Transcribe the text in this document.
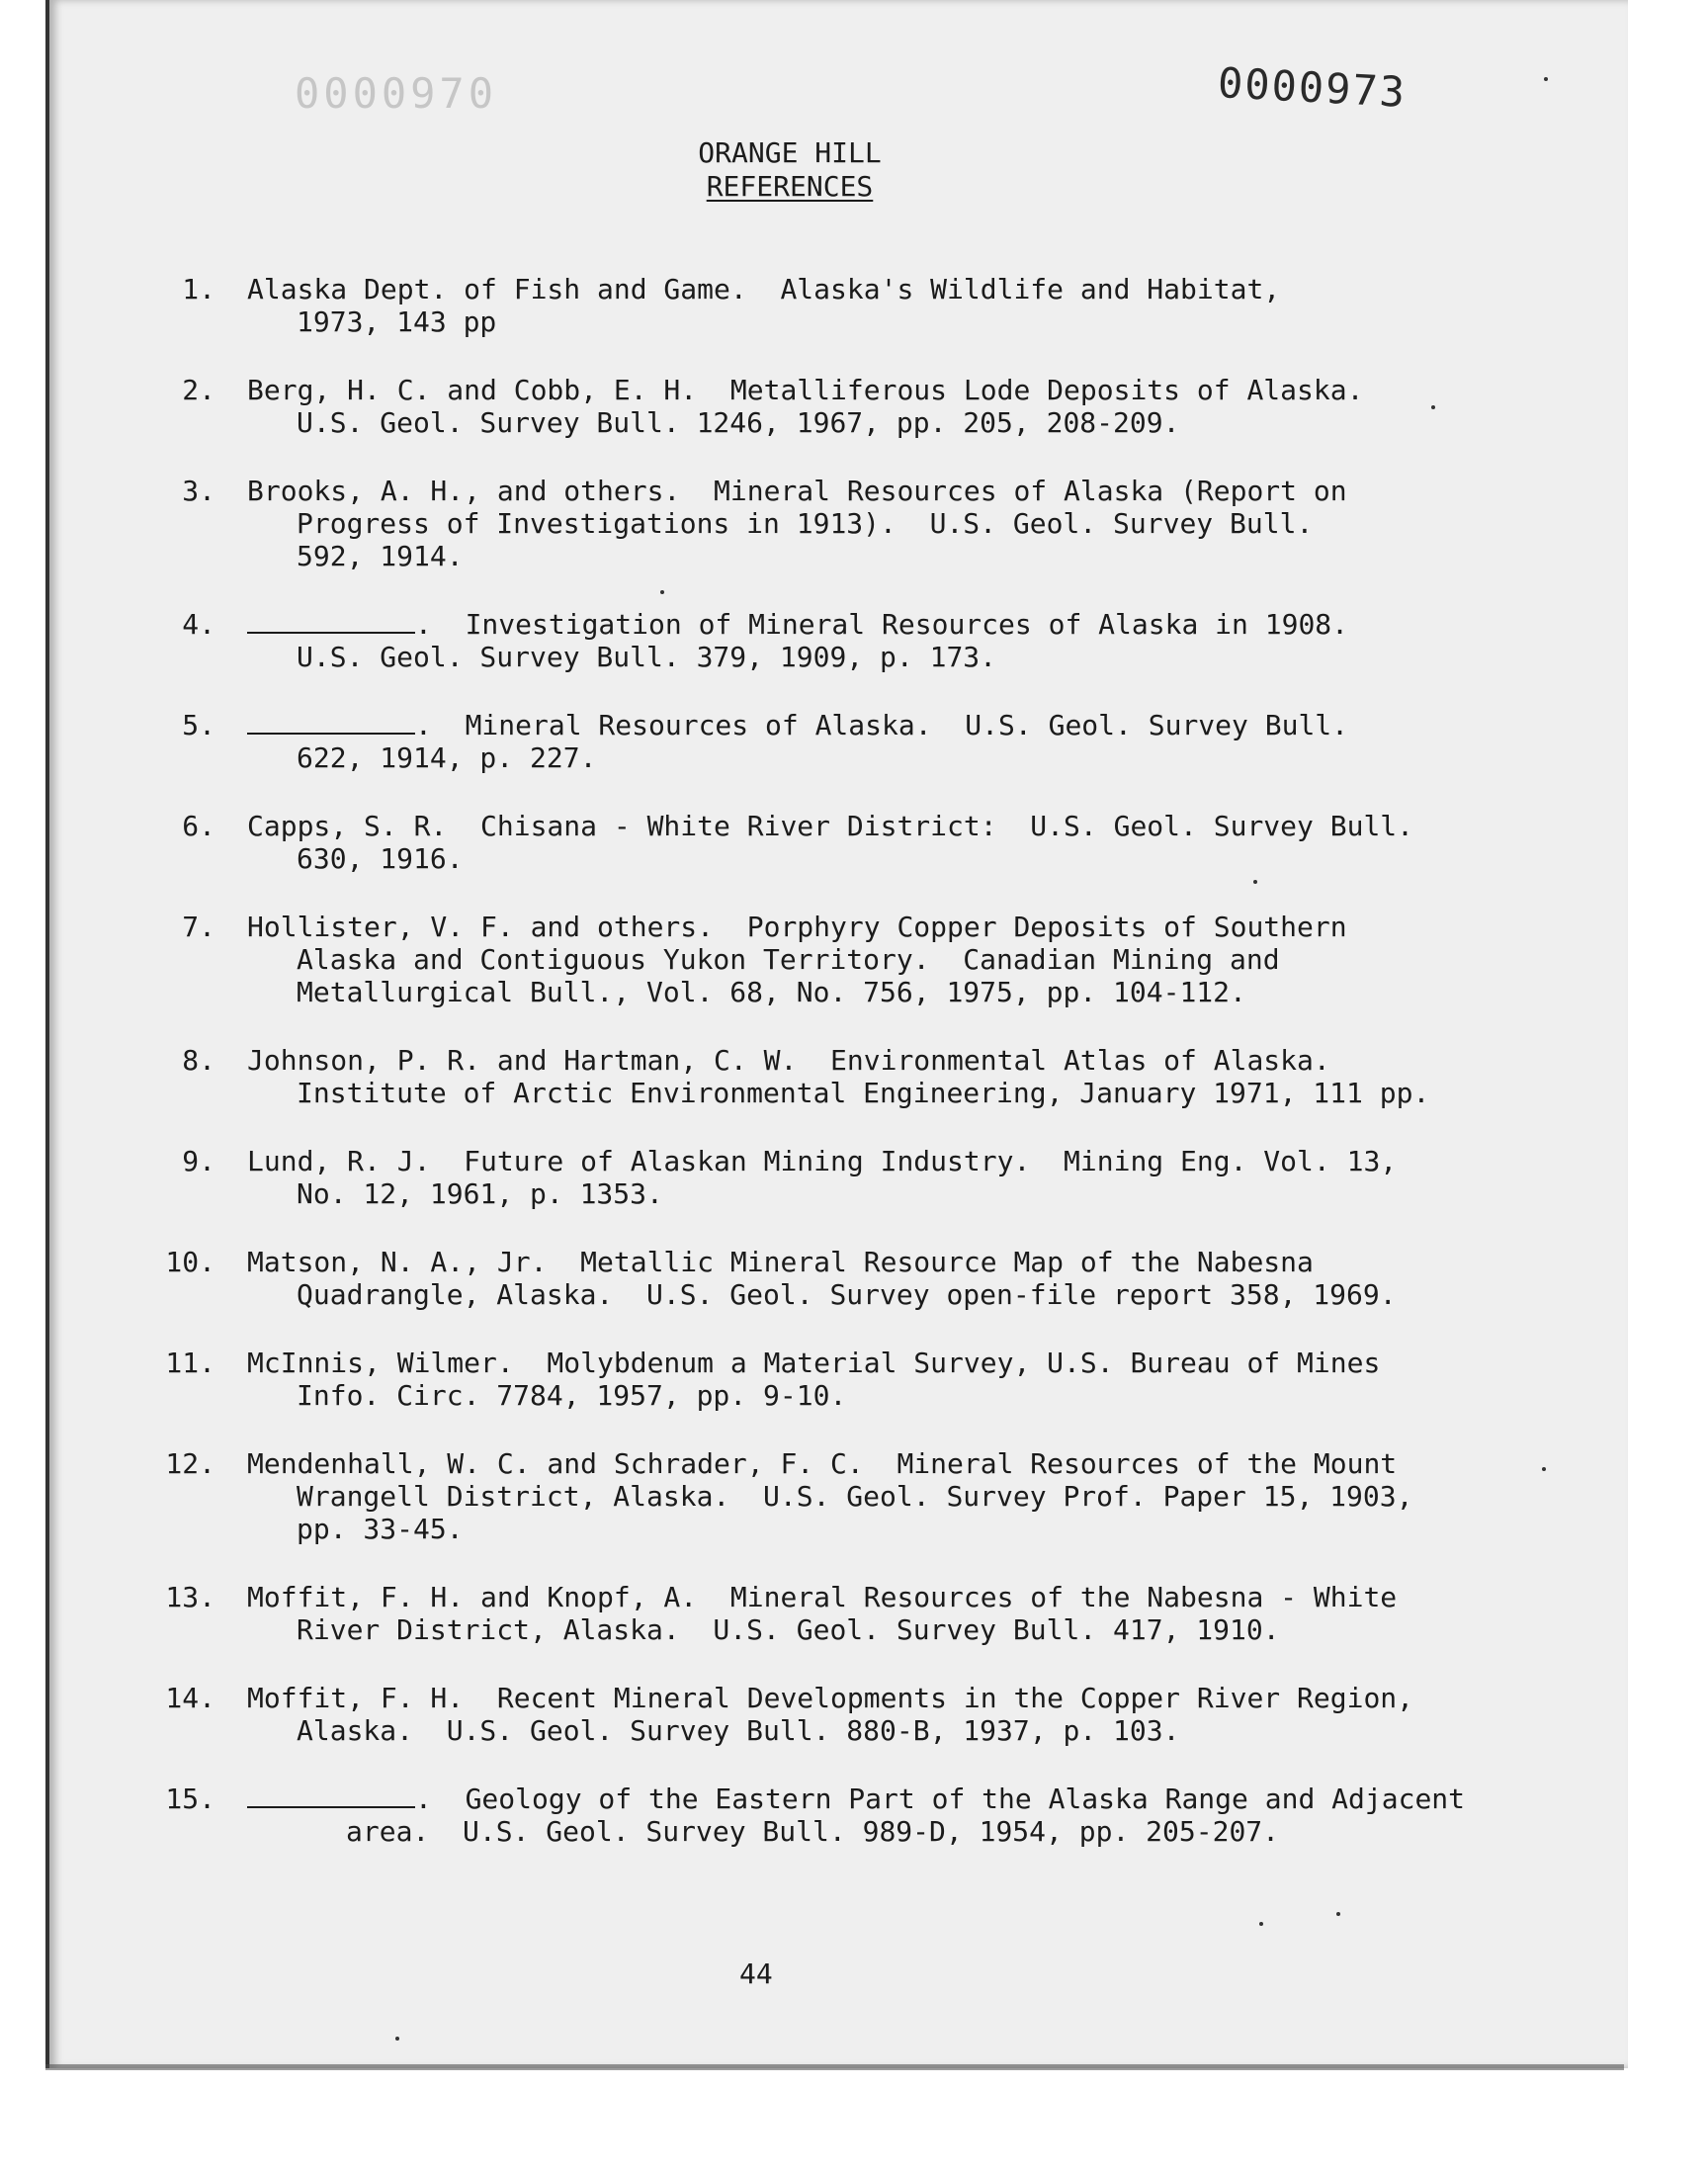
0000970	0000973
ORANGE HILL
REFERENCES
1. Alaska Dept. of Fish and Game.  Alaska's Wildlife and Habitat,
1973, 143 pp
2. Berg, H. C. and Cobb, E. H.  Metalliferous Lode Deposits of Alaska.
U.S. Geol. Survey Bull. 1246, 1967, pp. 205, 208-209.
3. Brooks, A. H., and others.  Mineral Resources of Alaska (Report on
Progress of Investigations in 1913).  U.S. Geol. Survey Bull.
592, 1914.
4.	.  Investigation of Mineral Resources of Alaska in 1908.
U.S. Geol. Survey Bull. 379, 1909, p. 173.
5.	.  Mineral Resources of Alaska.  U.S. Geol. Survey Bull.
622, 1914, p. 227.
6. Capps, S. R.  Chisana - White River District:  U.S. Geol. Survey Bull.
630, 1916.
7. Hollister, V. F. and others.  Porphyry Copper Deposits of Southern
Alaska and Contiguous Yukon Territory.  Canadian Mining and
Metallurgical Bull., Vol. 68, No. 756, 1975, pp. 104-112.
8. Johnson, P. R. and Hartman, C. W.  Environmental Atlas of Alaska.
Institute of Arctic Environmental Engineering, January 1971, 111 pp.
9. Lund, R. J.  Future of Alaskan Mining Industry.  Mining Eng. Vol. 13,
No. 12, 1961, p. 1353.
10. Matson, N. A., Jr.  Metallic Mineral Resource Map of the Nabesna
Quadrangle, Alaska.  U.S. Geol. Survey open-file report 358, 1969.
11. McInnis, Wilmer.  Molybdenum a Material Survey, U.S. Bureau of Mines
Info. Circ. 7784, 1957, pp. 9-10.
12. Mendenhall, W. C. and Schrader, F. C.  Mineral Resources of the Mount
Wrangell District, Alaska.  U.S. Geol. Survey Prof. Paper 15, 1903,
pp. 33-45.
13. Moffit, F. H. and Knopf, A.  Mineral Resources of the Nabesna - White
River District, Alaska.  U.S. Geol. Survey Bull. 417, 1910.
14. Moffit, F. H.  Recent Mineral Developments in the Copper River Region,
Alaska.  U.S. Geol. Survey Bull. 880-B, 1937, p. 103.
15.	.  Geology of the Eastern Part of the Alaska Range and Adjacent
area.  U.S. Geol. Survey Bull. 989-D, 1954, pp. 205-207.
44
